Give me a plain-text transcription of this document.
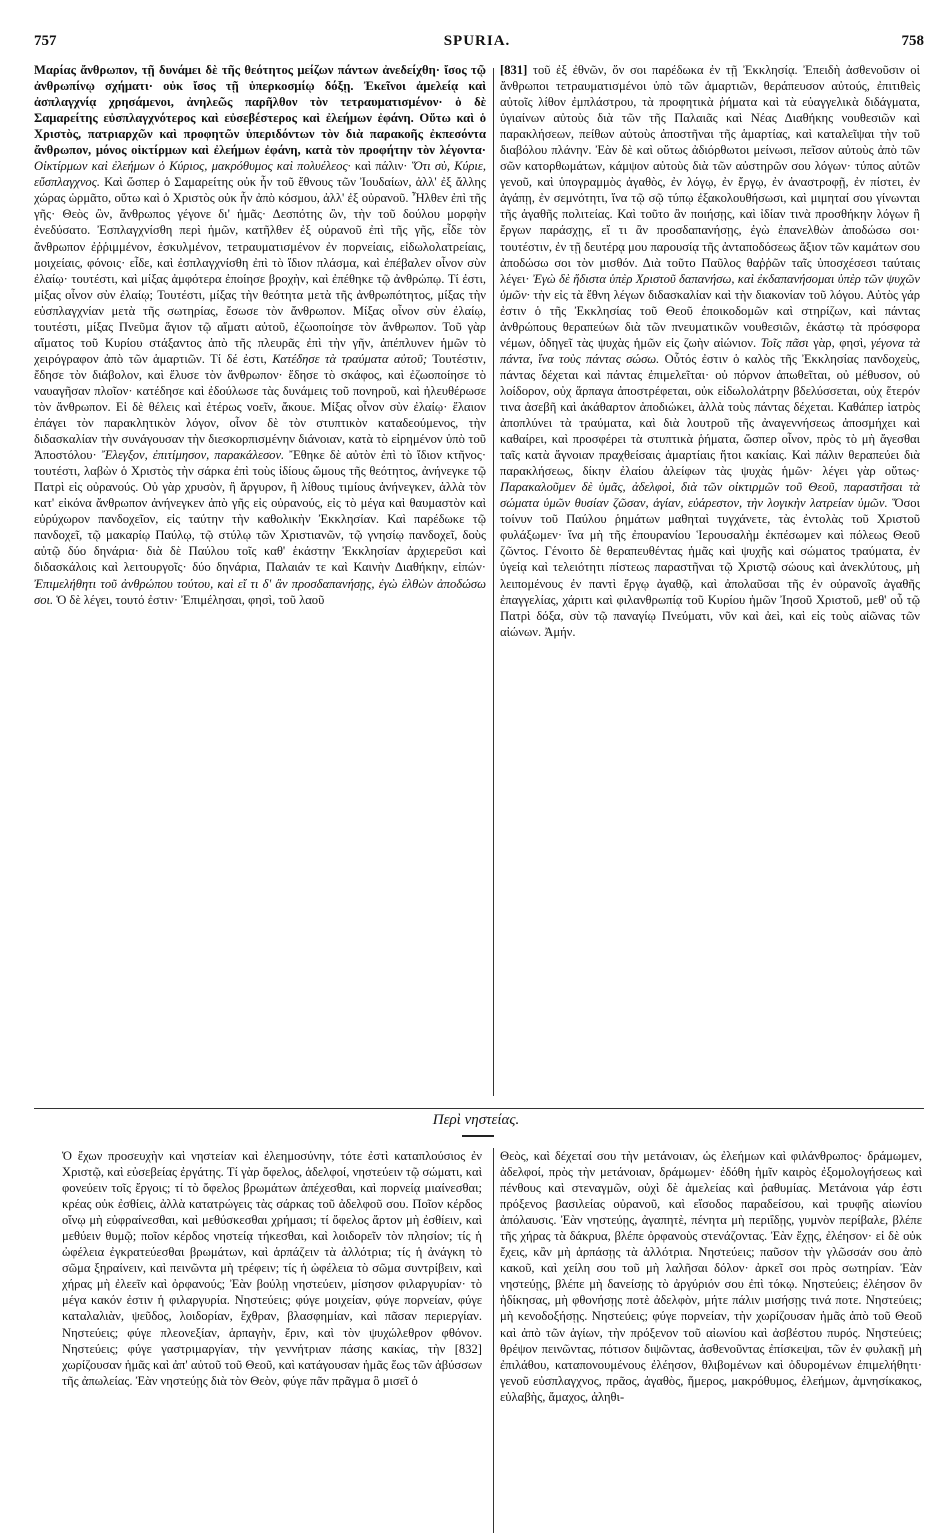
757	SPURIA.	758

Μαρίας ἄνθρωπον, τῇ δυνάμει δὲ τῆς θεότητος μείζων πάντων ἀνεδείχθη· ἴσος τῷ ἀνθρωπίνῳ σχήματι· οὐκ ἴσος τῇ ὑπερκοσμίῳ δόξῃ. Ἐκεῖνοι ἀμελείᾳ καὶ ἀσπλαγχνίᾳ χρησάμενοι, ἀνηλεῶς παρῆλθον τὸν τετραυματισμένον· ὁ δὲ Σαμαρείτης εὐσπλαγχνότερος καὶ εὐσεβέστερος καὶ ἐλεήμων ἐφάνη. Οὕτω καὶ ὁ Χριστὸς, πατριαρχῶν καὶ προφητῶν ὑπεριδόντων τὸν διὰ παρακοῆς ἐκπεσόντα ἄνθρωπον, μόνος οἰκτίρμων καὶ ἐλεήμων ἐφάνη, κατὰ τὸν προφήτην τὸν λέγοντα· Οἰκτίρμων καὶ ἐλεήμων ὁ Κύριος, μακρόθυμος καὶ πολυέλεος· καὶ πάλιν· Ὅτι σὺ, Κύριε, εὔσπλαγχνος. Καὶ ὥσπερ ὁ Σαμαρείτης οὐκ ἦν τοῦ ἔθνους τῶν Ἰουδαίων, ἀλλ' ἐξ ἄλλης χώρας ὡρμᾶτο, οὕτω καὶ ὁ Χριστὸς οὐκ ἦν ἀπὸ κόσμου, ἀλλ' ἐξ οὐρανοῦ. Ἦλθεν ἐπὶ τῆς γῆς· Θεὸς ὢν, ἄνθρωπος γέγονε δι' ἡμᾶς· Δεσπότης ὢν, τὴν τοῦ δούλου μορφὴν ἐνεδύσατο. Ἐσπλαγχνίσθη περὶ ἡμῶν, κατῆλθεν ἐξ οὐρανοῦ ἐπὶ τῆς γῆς, εἶδε τὸν ἄνθρωπον ἐῤῥιμμένον, ἐσκυλμένον, τετραυματισμένον ἐν πορνείαις, εἰδωλολατρείαις, μοιχείαις, φόνοις· εἶδε, καὶ ἐσπλαγχνίσθη ἐπὶ τὸ ἴδιον πλάσμα, καὶ ἐπέβαλεν οἶνον σὺν ἐλαίῳ· τουτέστι, καὶ μίξας ἀμφότερα ἐποίησε βροχὴν, καὶ ἐπέθηκε τῷ ἀνθρώπῳ. Τί ἐστι, μίξας οἶνον σὺν ἐλαίῳ; Τουτέστι, μίξας τὴν θεότητα μετὰ τῆς ἀνθρωπότητος, μίξας τὴν εὐσπλαγχνίαν μετὰ τῆς σωτηρίας, ἔσωσε τὸν ἄνθρωπον. Μίξας οἶνον σὺν ἐλαίῳ, τουτέστι, μίξας Πνεῦμα ἅγιον τῷ αἵματι αὐτοῦ, ἐζωοποίησε τὸν ἄνθρωπον. Τοῦ γὰρ αἵματος τοῦ Κυρίου στάξαντος ἀπὸ τῆς πλευρᾶς ἐπὶ τὴν γῆν, ἀπέπλυνεν ἡμῶν τὸ χειρόγραφον ἀπὸ τῶν ἁμαρτιῶν. Τί δέ ἐστι, Κατέδησε τὰ τραύματα αὐτοῦ; Τουτέστιν, ἔδησε τὸν διάβολον, καὶ ἔλυσε τὸν ἄνθρωπον· ἔδησε τὸ σκάφος, καὶ ἐζωοποίησε τὸ ναυαγῆσαν πλοῖον· κατέδησε καὶ ἐδούλωσε τὰς δυνάμεις τοῦ πονηροῦ, καὶ ἠλευθέρωσε τὸν ἄνθρωπον. Εἰ δὲ θέλεις καὶ ἑτέρως νοεῖν, ἄκουε. Μίξας οἶνον σὺν ἐλαίῳ· ἔλαιον ἐπάγει τὸν παρακλητικὸν λόγον, οἶνον δὲ τὸν στυπτικὸν καταδεούμενος, τὴν διδασκαλίαν τὴν συνάγουσαν τὴν διεσκορπισμένην διάνοιαν, κατὰ τὸ εἰρημένον ὑπὸ τοῦ Ἀποστόλου· Ἔλεγξον, ἐπιτίμησον, παρακάλεσον. Ἔθηκε δὲ αὐτὸν ἐπὶ τὸ ἴδιον κτῆνος· τουτέστι, λαβὼν ὁ Χριστὸς τὴν σάρκα ἐπὶ τοὺς ἰδίους ὤμους τῆς θεότητος, ἀνήνεγκε τῷ Πατρὶ εἰς οὐρανούς. Οὐ γὰρ χρυσὸν, ἢ ἄργυρον, ἢ λίθους τιμίους ἀνήνεγκεν, ἀλλὰ τὸν κατ' εἰκόνα ἄνθρωπον ἀνήνεγκεν ἀπὸ γῆς εἰς οὐρανούς, εἰς τὸ μέγα καὶ θαυμαστὸν καὶ εὐρύχωρον πανδοχεῖον, εἰς ταύτην τὴν καθολικὴν Ἐκκλησίαν. Καὶ παρέδωκε τῷ πανδοχεῖ, τῷ μακαρίῳ Παύλῳ, τῷ στύλῳ τῶν Χριστιανῶν, τῷ γνησίῳ πανδοχεῖ, δοὺς αὐτῷ δύο δηνάρια· διὰ δὲ Παύλου τοῖς καθ' ἑκάστην Ἐκκλησίαν ἀρχιερεῦσι καὶ διδασκάλοις καὶ λειτουργοῖς· δύο δηνάρια, Παλαιάν τε καὶ Καινὴν Διαθήκην, εἰπών· Ἐπιμελήθητι τοῦ ἀνθρώπου τούτου, καὶ εἴ τι δ' ἂν προσδαπανήσῃς, ἐγὼ ἐλθὼν ἀποδώσω σοι. Ὁ δὲ λέγει, τουτό ἐστιν· Ἐπιμέλησαι, φησὶ, τοῦ λαοῦ

[831] τοῦ ἐξ ἐθνῶν, ὅν σοι παρέδωκα ἐν τῇ Ἐκκλησίᾳ. Ἐπειδὴ ἀσθενοῦσιν οἱ ἄνθρωποι τετραυματισμένοι ὑπὸ τῶν ἁμαρτιῶν, θεράπευσον αὐτούς, ἐπιτιθεὶς αὐτοῖς λίθον ἐμπλάστρου, τὰ προφητικὰ ῥήματα καὶ τὰ εὐαγγελικὰ διδάγματα, ὑγιαίνων αὐτοὺς διὰ τῶν τῆς Παλαιᾶς καὶ Νέας Διαθήκης νουθεσιῶν καὶ παρακλήσεων, πείθων αὐτοὺς ἀποστῆναι τῆς ἁμαρτίας, καὶ καταλεῖψαι τὴν τοῦ διαβόλου πλάνην. Ἐὰν δὲ καὶ οὕτως ἀδιόρθωτοι μείνωσι, πεῖσον αὐτοὺς ἀπὸ τῶν σῶν κατορθωμάτων, κάμψον αὐτοὺς διὰ τῶν αὐστηρῶν σου λόγων· τύπος αὐτῶν γενοῦ, καὶ ὑπογραμμὸς ἀγαθὸς, ἐν λόγῳ, ἐν ἔργῳ, ἐν ἀναστροφῇ, ἐν πίστει, ἐν ἀγάπῃ, ἐν σεμνότητι, ἵνα τῷ σῷ τύπῳ ἐξακολουθήσωσι, καὶ μιμηταί σου γίνωνται τῆς ἀγαθῆς πολιτείας. Καὶ τοῦτο ἂν ποιήσῃς, καὶ ἰδίαν τινὰ προσθήκην λόγων ἢ ἔργων παράσχῃς, εἴ τι ἂν προσδαπανήσῃς, ἐγὼ ἐπανελθὼν ἀποδώσω σοι· τουτέστιν, ἐν τῇ δευτέρᾳ μου παρουσίᾳ τῆς ἀνταποδόσεως ἄξιον τῶν καμάτων σου ἀποδώσω σοι τὸν μισθόν. Διὰ τοῦτο Παῦλος θαῤῥῶν ταῖς ὑποσχέσεσι ταύταις λέγει· Ἐγὼ δὲ ἥδιστα ὑπὲρ Χριστοῦ δαπανήσω, καὶ ἐκδαπανήσομαι ὑπὲρ τῶν ψυχῶν ὑμῶν· τὴν εἰς τὰ ἔθνη λέγων διδασκαλίαν καὶ τὴν διακονίαν τοῦ λόγου. Αὐτὸς γάρ ἐστιν ὁ τῆς Ἐκκλησίας τοῦ Θεοῦ ἐποικοδομῶν καὶ στηρίζων, καὶ πάντας ἀνθρώπους θεραπεύων διὰ τῶν πνευματικῶν νουθεσιῶν, ἑκάστῳ τὰ πρόσφορα νέμων, ὁδηγεῖ τὰς ψυχὰς ἡμῶν εἰς ζωὴν αἰώνιον. Τοῖς πᾶσι γὰρ, φησὶ, γέγονα τὰ πάντα, ἵνα τοὺς πάντας σώσω. Οὗτός ἐστιν ὁ καλὸς τῆς Ἐκκλησίας πανδοχεὺς, πάντας δέχεται καὶ πάντας ἐπιμελεῖται· οὐ πόρνον ἀπωθεῖται, οὐ μέθυσον, οὐ λοίδορον, οὐχ ἅρπαγα ἀποστρέφεται, οὐκ εἰδωλολάτρην βδελύσσεται, οὐχ ἕτερόν τινα ἀσεβῆ καὶ ἀκάθαρτον ἀποδιώκει, ἀλλὰ τοὺς πάντας δέχεται. Καθάπερ ἰατρὸς ἀποπλύνει τὰ τραύματα, καὶ διὰ λουτροῦ τῆς ἀναγεννήσεως ἀποσμήχει καὶ καθαίρει, καὶ προσφέρει τὰ στυπτικὰ ῥήματα, ὥσπερ οἶνον, πρὸς τὸ μὴ ἄγεσθαι ταῖς κατὰ ἄγνοιαν πραχθείσαις ἁμαρτίαις ἤτοι κακίαις. Καὶ πάλιν θεραπεύει διὰ παρακλήσεως, δίκην ἐλαίου ἀλείφων τὰς ψυχὰς ἡμῶν· λέγει γὰρ οὕτως· Παρακαλοῦμεν δὲ ὑμᾶς, ἀδελφοὶ, διὰ τῶν οἰκτιρμῶν τοῦ Θεοῦ, παραστῆσαι τὰ σώματα ὑμῶν θυσίαν ζῶσαν, ἁγίαν, εὐάρεστον, τὴν λογικὴν λατρείαν ὑμῶν. Ὅσοι τοίνυν τοῦ Παύλου ῥημάτων μαθηταὶ τυγχάνετε, τὰς ἐντολὰς τοῦ Χριστοῦ φυλάξωμεν· ἵνα μὴ τῆς ἐπουρανίου Ἱερουσαλὴμ ἐκπέσωμεν καὶ πόλεως Θεοῦ ζῶντος. Γένοιτο δὲ θεραπευθέντας ἡμᾶς καὶ ψυχῆς καὶ σώματος τραύματα, ἐν ὑγείᾳ καὶ τελειότητι πίστεως παραστῆναι τῷ Χριστῷ σώους καὶ ἀνεκλύτους, μὴ λειπομένους ἐν παντὶ ἔργῳ ἀγαθῷ, καὶ ἀπολαῦσαι τῆς ἐν οὐρανοῖς ἀγαθῆς ἐπαγγελίας, χάριτι καὶ φιλανθρωπίᾳ τοῦ Κυρίου ἡμῶν Ἰησοῦ Χριστοῦ, μεθ' οὗ τῷ Πατρὶ δόξα, σὺν τῷ παναγίῳ Πνεύματι, νῦν καὶ ἀεὶ, καὶ εἰς τοὺς αἰῶνας τῶν αἰώνων. Ἀμήν.

Περὶ νηστείας.

Ὁ ἔχων προσευχὴν καὶ νηστείαν καὶ ἐλεημοσύνην, τότε ἐστὶ καταπλούσιος ἐν Χριστῷ, καὶ εὐσεβείας ἐργάτης. Τί γὰρ ὄφελος, ἀδελφοί, νηστεύειν τῷ σώματι, καὶ φονεύειν τοῖς ἔργοις; τί τὸ ὄφελος βρωμάτων ἀπέχεσθαι, καὶ πορνείᾳ μιαίνεσθαι; κρέας οὐκ ἐσθίεις, ἀλλὰ κατατρώγεις τὰς σάρκας τοῦ ἀδελφοῦ σου. Ποῖον κέρδος οἴνῳ μὴ εὐφραίνεσθαι, καὶ μεθύσκεσθαι χρήμασι; τί ὄφελος ἄρτον μὴ ἐσθίειν, καὶ μεθύειν θυμῷ; ποῖον κέρδος νηστείᾳ τήκεσθαι, καὶ λοιδορεῖν τὸν πλησίον; τίς ἡ ὠφέλεια ἐγκρατεύεσθαι βρωμάτων, καὶ ἁρπάζειν τὰ ἀλλότρια; τίς ἡ ἀνάγκη τὸ σῶμα ξηραίνειν, καὶ πεινῶντα μὴ τρέφειν; τίς ἡ ὠφέλεια τὸ σῶμα συντρίβειν, καὶ χήρας μὴ ἐλεεῖν καὶ ὀρφανούς; Ἐὰν βούλῃ νηστεύειν, μίσησον φιλαργυρίαν· τὸ μέγα κακόν ἐστιν ἡ φιλαργυρία. Νηστεύεις; φύγε μοιχείαν, φύγε πορνείαν, φύγε καταλαλιὰν, ψεῦδος, λοιδορίαν, ἔχθραν, βλασφημίαν, καὶ πᾶσαν περιεργίαν. Νηστεύεις; φύγε πλεονεξίαν, ἁρπαγὴν, ἔριν, καὶ τὸν ψυχώλεθρον φθόνον. Νηστεύεις; φύγε γαστριμαργίαν, τὴν γεννήτριαν πάσης κακίας, τὴν [832] χωρίζουσαν ἡμᾶς καὶ ἀπ' αὐτοῦ τοῦ Θεοῦ, καὶ κατάγουσαν ἡμᾶς ἕως τῶν ἀβύσσων τῆς ἀπωλείας. Ἐὰν νηστεύῃς διὰ τὸν Θεὸν, φύγε πᾶν πρᾶγμα ὃ μισεῖ ὁ

Θεὸς, καὶ δέχεταί σου τὴν μετάνοιαν, ὡς ἐλεήμων καὶ φιλάνθρωπος· δράμωμεν, ἀδελφοί, πρὸς τὴν μετάνοιαν, δράμωμεν· ἐδόθη ἡμῖν καιρὸς ἐξομολογήσεως καὶ πένθους καὶ στεναγμῶν, οὐχὶ δὲ ἀμελείας καὶ ῥαθυμίας. Μετάνοια γάρ ἐστι πρόξενος βασιλείας οὐρανοῦ, καὶ εἴσοδος παραδείσου, καὶ τρυφῆς αἰωνίου ἀπόλαυσις. Ἐὰν νηστεύῃς, ἀγαπητὲ, πένητα μὴ περιΐδῃς, γυμνὸν περίβαλε, βλέπε τῆς χήρας τὰ δάκρυα, βλέπε ὀρφανοὺς στενάζοντας. Ἐὰν ἔχῃς, ἐλέησον· εἰ δὲ οὐκ ἔχεις, κἂν μὴ ἁρπάσῃς τὰ ἀλλότρια. Νηστεύεις; παῦσον τὴν γλῶσσάν σου ἀπὸ κακοῦ, καὶ χείλη σου τοῦ μὴ λαλῆσαι δόλον· ἀρκεῖ σοι πρὸς σωτηρίαν. Ἐὰν νηστεύῃς, βλέπε μὴ δανείσῃς τὸ ἀργύριόν σου ἐπὶ τόκῳ. Νηστεύεις; ἐλέησον ὃν ἠδίκησας, μὴ φθονήσῃς ποτὲ ἀδελφὸν, μήτε πάλιν μισήσῃς τινά ποτε. Νηστεύεις; μὴ κενοδοξήσῃς. Νηστεύεις; φύγε πορνείαν, τὴν χωρίζουσαν ἡμᾶς ἀπὸ τοῦ Θεοῦ καὶ ἀπὸ τῶν ἁγίων, τὴν πρόξενον τοῦ αἰωνίου καὶ ἀσβέστου πυρός. Νηστεύεις; θρέψον πεινῶντας, πότισον διψῶντας, ἀσθενοῦντας ἐπίσκεψαι, τῶν ἐν φυλακῇ μὴ ἐπιλάθου, καταπονουμένους ἐλέησον, θλιβομένων καὶ ὀδυρομένων ἐπιμελήθητι· γενοῦ εὐσπλαγχνος, πρᾶος, ἀγαθὸς, ἥμερος, μακρόθυμος, ἐλεήμων, ἀμνησίκακος, εὐλαβὴς, ἄμαχος, ἀληθι-
